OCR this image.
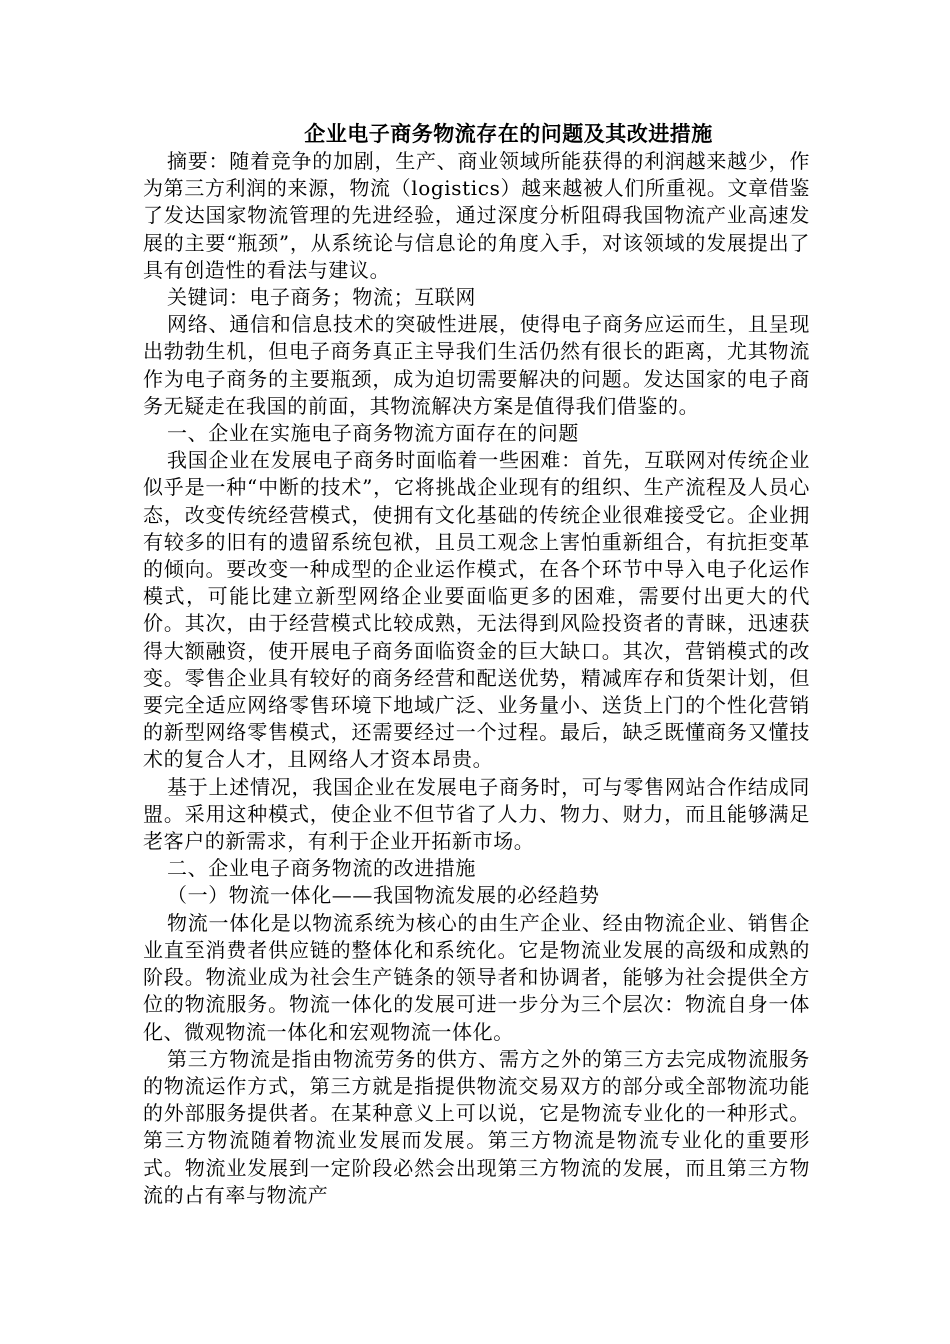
企业电子商务物流存在的问题及其改进措施

摘要：随着竞争的加剧，生产、商业领域所能获得的利润越来越少，作为第三方利润的来源，物流（logistics）越来越被人们所重视。文章借鉴了发达国家物流管理的先进经验，通过深度分析阻碍我国物流产业高速发展的主要“瓶颈”，从系统论与信息论的角度入手，对该领域的发展提出了具有创造性的看法与建议。

关键词：电子商务；物流；互联网

网络、通信和信息技术的突破性进展，使得电子商务应运而生，且呈现出勃勃生机，但电子商务真正主导我们生活仍然有很长的距离，尤其物流作为电子商务的主要瓶颈，成为迫切需要解决的问题。发达国家的电子商务无疑走在我国的前面，其物流解决方案是值得我们借鉴的。

一、企业在实施电子商务物流方面存在的问题

我国企业在发展电子商务时面临着一些困难：首先，互联网对传统企业似乎是一种“中断的技术”，它将挑战企业现有的组织、生产流程及人员心态，改变传统经营模式，使拥有文化基础的传统企业很难接受它。企业拥有较多的旧有的遗留系统包袱，且员工观念上害怕重新组合，有抗拒变革的倾向。要改变一种成型的企业运作模式，在各个环节中导入电子化运作模式，可能比建立新型网络企业要面临更多的困难，需要付出更大的代价。其次，由于经营模式比较成熟，无法得到风险投资者的青睐，迅速获得大额融资，使开展电子商务面临资金的巨大缺口。其次，营销模式的改变。零售企业具有较好的商务经营和配送优势，精减库存和货架计划，但要完全适应网络零售环境下地域广泛、业务量小、送货上门的个性化营销的新型网络零售模式，还需要经过一个过程。最后，缺乏既懂商务又懂技术的复合人才，且网络人才资本昂贵。

基于上述情况，我国企业在发展电子商务时，可与零售网站合作结成同盟。采用这种模式，使企业不但节省了人力、物力、财力，而且能够满足老客户的新需求，有利于企业开拓新市场。

二、企业电子商务物流的改进措施

（一）物流一体化——我国物流发展的必经趋势

物流一体化是以物流系统为核心的由生产企业、经由物流企业、销售企业直至消费者供应链的整体化和系统化。它是物流业发展的高级和成熟的阶段。物流业成为社会生产链条的领导者和协调者，能够为社会提供全方位的物流服务。物流一体化的发展可进一步分为三个层次：物流自身一体化、微观物流一体化和宏观物流一体化。

第三方物流是指由物流劳务的供方、需方之外的第三方去完成物流服务的物流运作方式，第三方就是指提供物流交易双方的部分或全部物流功能的外部服务提供者。在某种意义上可以说，它是物流专业化的一种形式。第三方物流随着物流业发展而发展。第三方物流是物流专业化的重要形式。物流业发展到一定阶段必然会出现第三方物流的发展，而且第三方物流的占有率与物流产
